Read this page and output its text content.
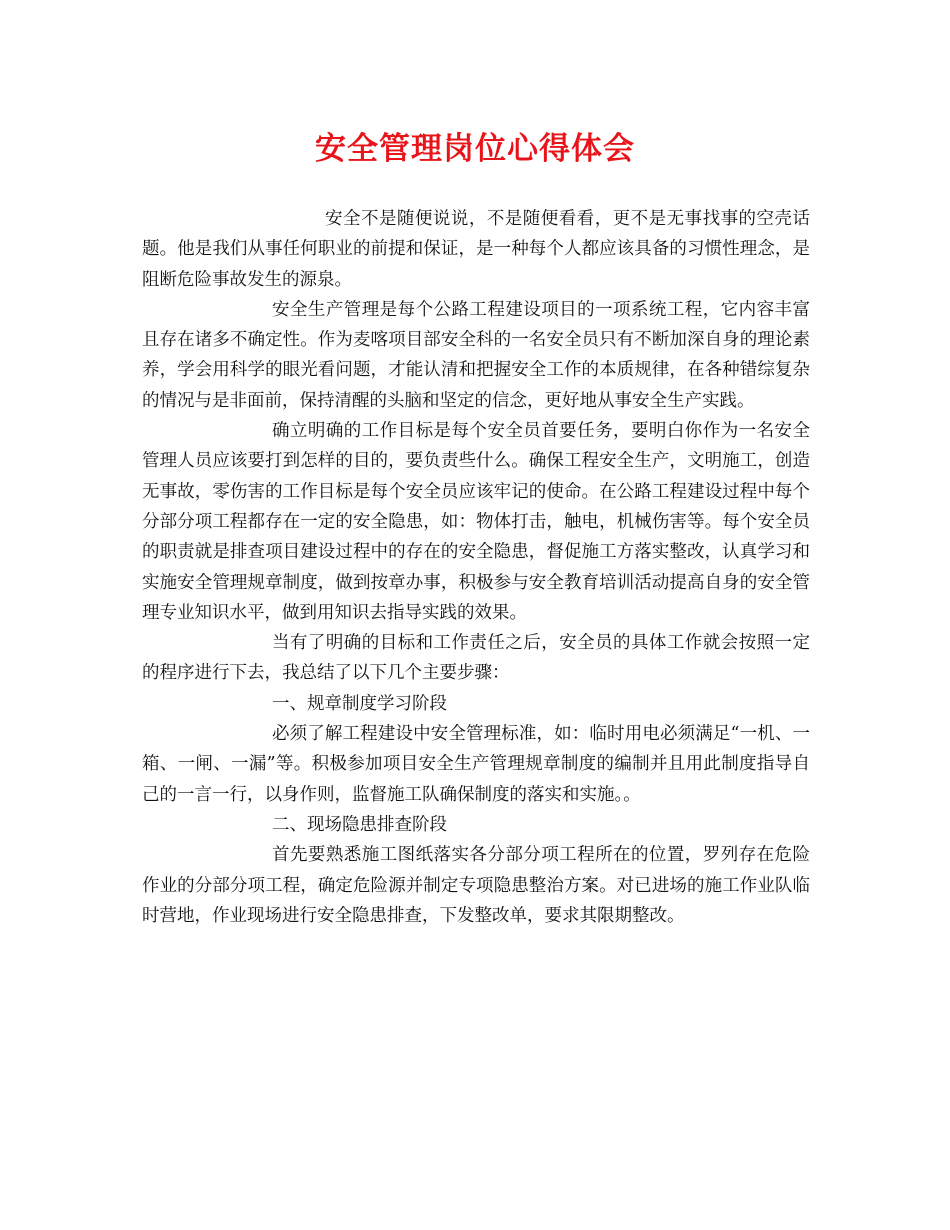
安全管理岗位心得体会

安全不是随便说说，不是随便看看，更不是无事找事的空壳话题。他是我们从事任何职业的前提和保证，是一种每个人都应该具备的习惯性理念，是阻断危险事故发生的源泉。

安全生产管理是每个公路工程建设项目的一项系统工程，它内容丰富且存在诸多不确定性。作为麦喀项目部安全科的一名安全员只有不断加深自身的理论素养，学会用科学的眼光看问题，才能认清和把握安全工作的本质规律，在各种错综复杂的情况与是非面前，保持清醒的头脑和坚定的信念，更好地从事安全生产实践。

确立明确的工作目标是每个安全员首要任务，要明白你作为一名安全管理人员应该要打到怎样的目的，要负责些什么。确保工程安全生产，文明施工，创造无事故，零伤害的工作目标是每个安全员应该牢记的使命。在公路工程建设过程中每个分部分项工程都存在一定的安全隐患，如：物体打击，触电，机械伤害等。每个安全员的职责就是排查项目建设过程中的存在的安全隐患，督促施工方落实整改，认真学习和实施安全管理规章制度，做到按章办事，积极参与安全教育培训活动提高自身的安全管理专业知识水平，做到用知识去指导实践的效果。

当有了明确的目标和工作责任之后，安全员的具体工作就会按照一定的程序进行下去，我总结了以下几个主要步骤：

一、规章制度学习阶段

必须了解工程建设中安全管理标准，如：临时用电必须满足“一机、一箱、一闸、一漏”等。积极参加项目安全生产管理规章制度的编制并且用此制度指导自己的一言一行，以身作则，监督施工队确保制度的落实和实施。。

二、现场隐患排查阶段

首先要熟悉施工图纸落实各分部分项工程所在的位置，罗列存在危险作业的分部分项工程，确定危险源并制定专项隐患整治方案。对已进场的施工作业队临时营地，作业现场进行安全隐患排查，下发整改单，要求其限期整改。
